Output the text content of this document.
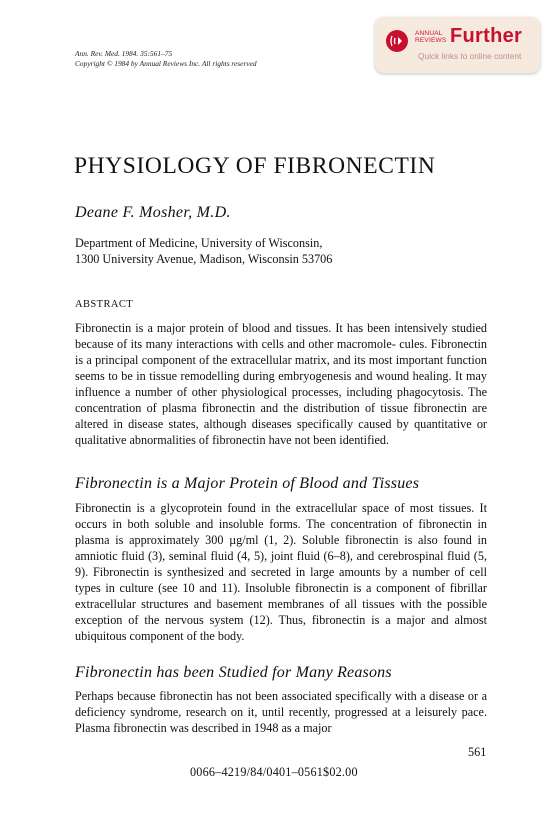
Ann. Rev. Med. 1984. 35:561–75
Copyright © 1984 by Annual Reviews Inc. All rights reserved
ANNUAL
REVIEWS Further
Quick links to online content
PHYSIOLOGY OF FIBRONECTIN
Deane F. Mosher, M.D.
Department of Medicine, University of Wisconsin,
1300 University Avenue, Madison, Wisconsin 53706
ABSTRACT

Fibronectin is a major protein of blood and tissues. It has been intensively studied because of its many interactions with cells and other macromole- cules. Fibronectin is a principal component of the extracellular matrix, and its most important function seems to be in tissue remodelling during embryogenesis and wound healing. It may influence a number of other physiological processes, including phagocytosis. The concentration of plasma fibronectin and the distribution of tissue fibronectin are altered in disease states, although diseases specifically caused by quantitative or qualitative abnormalities of fibronectin have not been identified.

Fibronectin is a Major Protein of Blood and Tissues

Fibronectin is a glycoprotein found in the extracellular space of most tissues. It occurs in both soluble and insoluble forms. The concentration of fibronectin in plasma is approximately 300 µg/ml (1, 2). Soluble fibronectin is also found in amniotic fluid (3), seminal fluid (4, 5), joint fluid (6–8), and cerebrospinal fluid (5, 9). Fibronectin is synthesized and secreted in large amounts by a number of cell types in culture (see 10 and 11). Insoluble fibronectin is a component of fibrillar extracellular structures and basement membranes of all tissues with the possible exception of the nervous system (12). Thus, fibronectin is a major and almost ubiquitous component of the body.

Fibronectin has been Studied for Many Reasons

Perhaps because fibronectin has not been associated specifically with a disease or a deficiency syndrome, research on it, until recently, progressed at a leisurely pace. Plasma fibronectin was described in 1948 as a major

561
0066–4219/84/0401–0561$02.00
